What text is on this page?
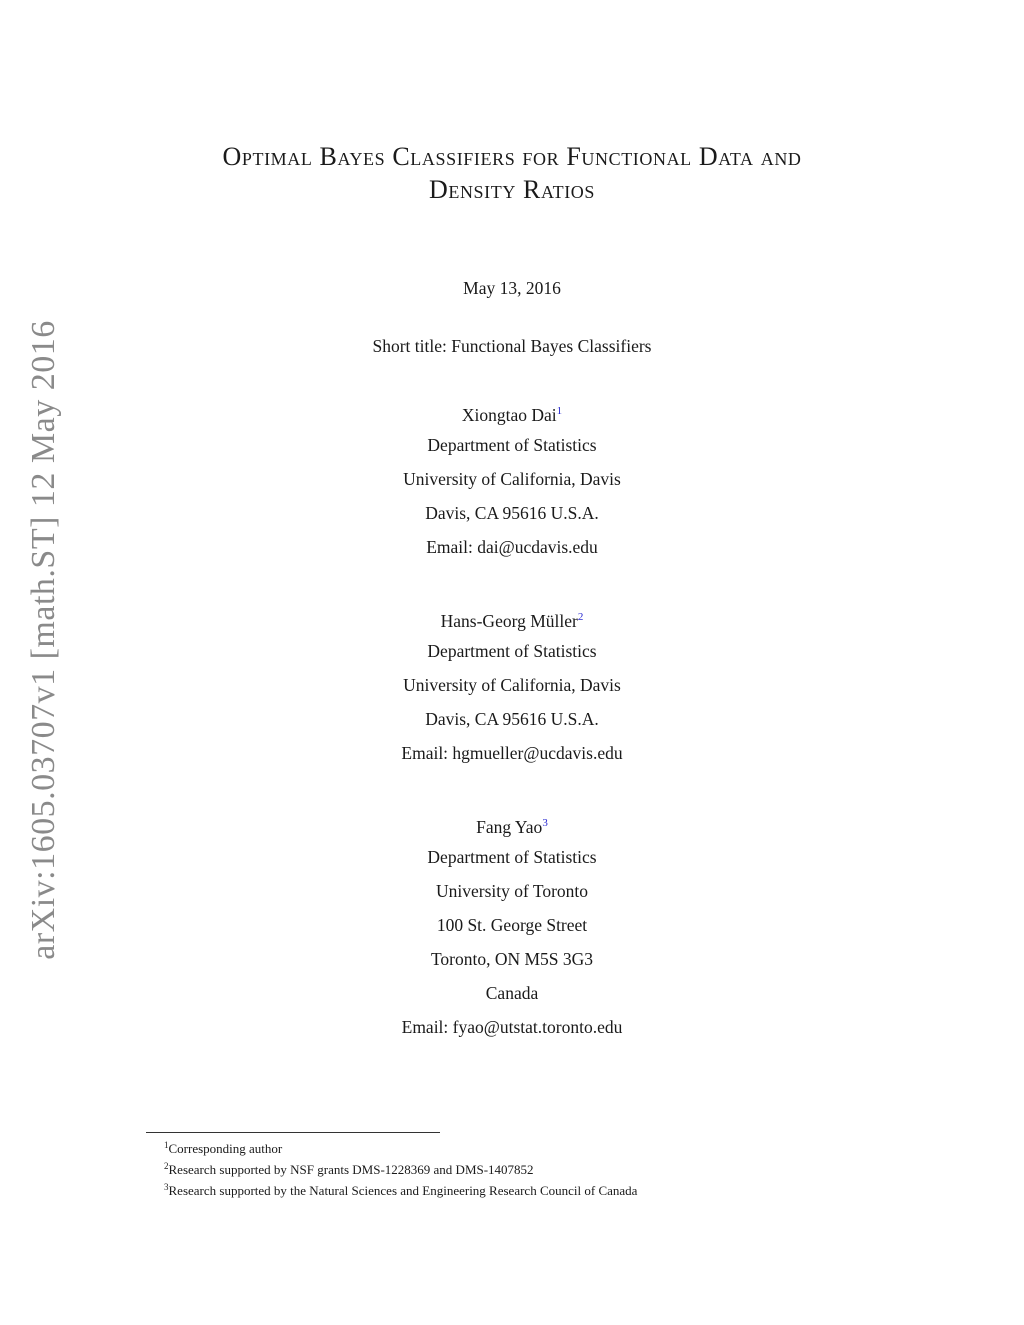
arXiv:1605.03707v1 [math.ST] 12 May 2016
Optimal Bayes Classifiers for Functional Data and
Density Ratios
May 13, 2016
Short title: Functional Bayes Classifiers
Xiongtao Dai$^1$
Department of Statistics
University of California, Davis
Davis, CA 95616 U.S.A.
Email: dai@ucdavis.edu
Hans-Georg Müller$^2$
Department of Statistics
University of California, Davis
Davis, CA 95616 U.S.A.
Email: hgmueller@ucdavis.edu
Fang Yao$^3$
Department of Statistics
University of Toronto
100 St. George Street
Toronto, ON M5S 3G3
Canada
Email: fyao@utstat.toronto.edu
$^1$Corresponding author
$^2$Research supported by NSF grants DMS-1228369 and DMS-1407852
$^3$Research supported by the Natural Sciences and Engineering Research Council of Canada
